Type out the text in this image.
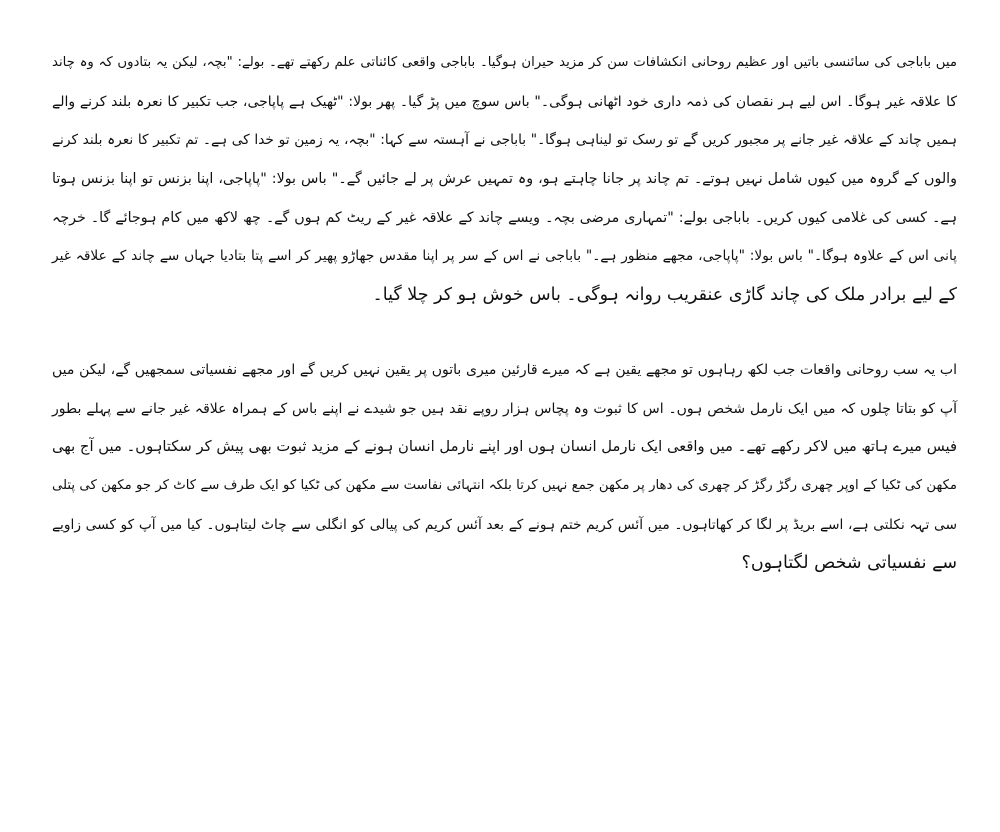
میں باباجی کی سائنسی باتیں اور عظیم روحانی انکشافات سن کر مزید حیران ہوگیا۔ باباجی واقعی کائناتی علم رکھتے تھے۔ بولے: "بچہ، لیکن یہ بتادوں کہ وہ چاند
کا علاقہ غیر ہوگا۔ اس لیے ہر نقصان کی ذمہ داری خود اٹھانی ہوگی۔" باس سوچ میں پڑ گیا۔ پھر بولا: "ٹھیک ہے پاپاجی، جب تکبیر کا نعرہ بلند کرنے والے
ہمیں چاند کے علاقہ غیر جانے پر مجبور کریں گے تو رسک تو لیناہی ہوگا۔" باباجی نے آہستہ سے کہا: "بچہ، یہ زمین تو خدا کی ہے۔ تم تکبیر کا نعرہ بلند کرنے
والوں کے گروہ میں کیوں شامل نہیں ہوتے۔ تم چاند پر جانا چاہتے ہو، وہ تمہیں عرش پر لے جائیں گے۔" باس بولا: "پاپاجی، اپنا بزنس تو اپنا بزنس ہوتا
ہے۔ کسی کی غلامی کیوں کریں۔ باباجی بولے: "تمہاری مرضی بچہ۔ ویسے چاند کے علاقہ غیر کے ریٹ کم ہوں گے۔ چھ لاکھ میں کام ہوجائے گا۔ خرچہ
پانی اس کے علاوہ ہوگا۔" باس بولا: "پاپاجی، مجھے منظور ہے۔" باباجی نے اس کے سر پر اپنا مقدس جھاڑو پھیر کر اسے پتا بتادیا جہاں سے چاند کے علاقہ غیر
کے لیے برادر ملک کی چاند گاڑی عنقریب روانہ ہوگی۔ باس خوش ہو کر چلا گیا۔
اب یہ سب روحانی واقعات جب لکھ رہاہوں تو مجھے یقین ہے کہ میرے قارئین میری باتوں پر یقین نہیں کریں گے اور مجھے نفسیاتی سمجھیں گے، لیکن میں
آپ کو بتاتا چلوں کہ میں ایک نارمل شخص ہوں۔ اس کا ثبوت وہ پچاس ہزار روپے نقد ہیں جو شیدے نے اپنے باس کے ہمراہ علاقہ غیر جانے سے پہلے بطور
فیس میرے ہاتھ میں لاکر رکھے تھے۔ میں واقعی ایک نارمل انسان ہوں اور اپنے نارمل انسان ہونے کے مزید ثبوت بھی پیش کر سکتاہوں۔ میں آج بھی
مکھن کی ٹکیا کے اوپر چھری رگڑ رگڑ کر چھری کی دھار پر مکھن جمع نہیں کرتا بلکہ انتہائی نفاست سے مکھن کی ٹکیا کو ایک طرف سے کاٹ کر جو مکھن کی پتلی
سی تہہ نکلتی ہے، اسے بریڈ پر لگا کر کھاتاہوں۔ میں آئس کریم ختم ہونے کے بعد آئس کریم کی پیالی کو انگلی سے چاٹ لیتاہوں۔ کیا میں آپ کو کسی زاویے
سے نفسیاتی شخص لگتاہوں؟
